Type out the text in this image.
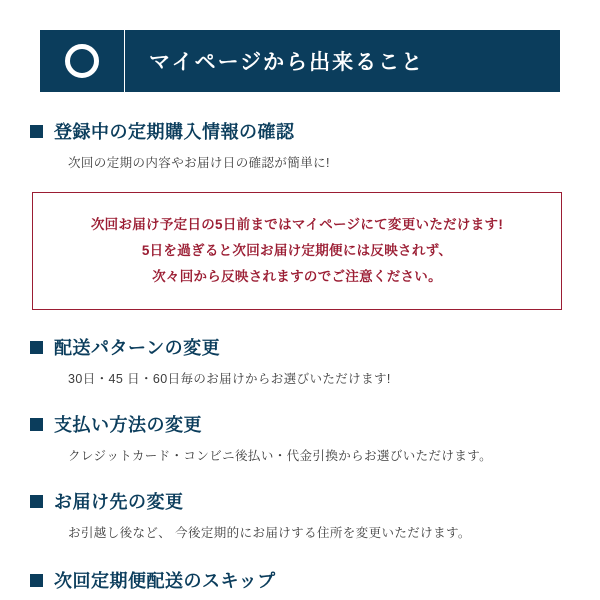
マイページから出来ること
登録中の定期購入情報の確認
次回の定期の内容やお届け日の確認が簡単に!
次回お届け予定日の5日前まではマイページにて変更いただけます!
5日を過ぎると次回お届け定期便には反映されず、
次々回から反映されますのでご注意ください。
配送パターンの変更
30日・45 日・60日毎のお届けからお選びいただけます!
支払い方法の変更
クレジットカード・コンビニ後払い・代金引換からお選びいただけます。
お届け先の変更
お引越し後など、 今後定期的にお届けする住所を変更いただけます。
次回定期便配送のスキップ
